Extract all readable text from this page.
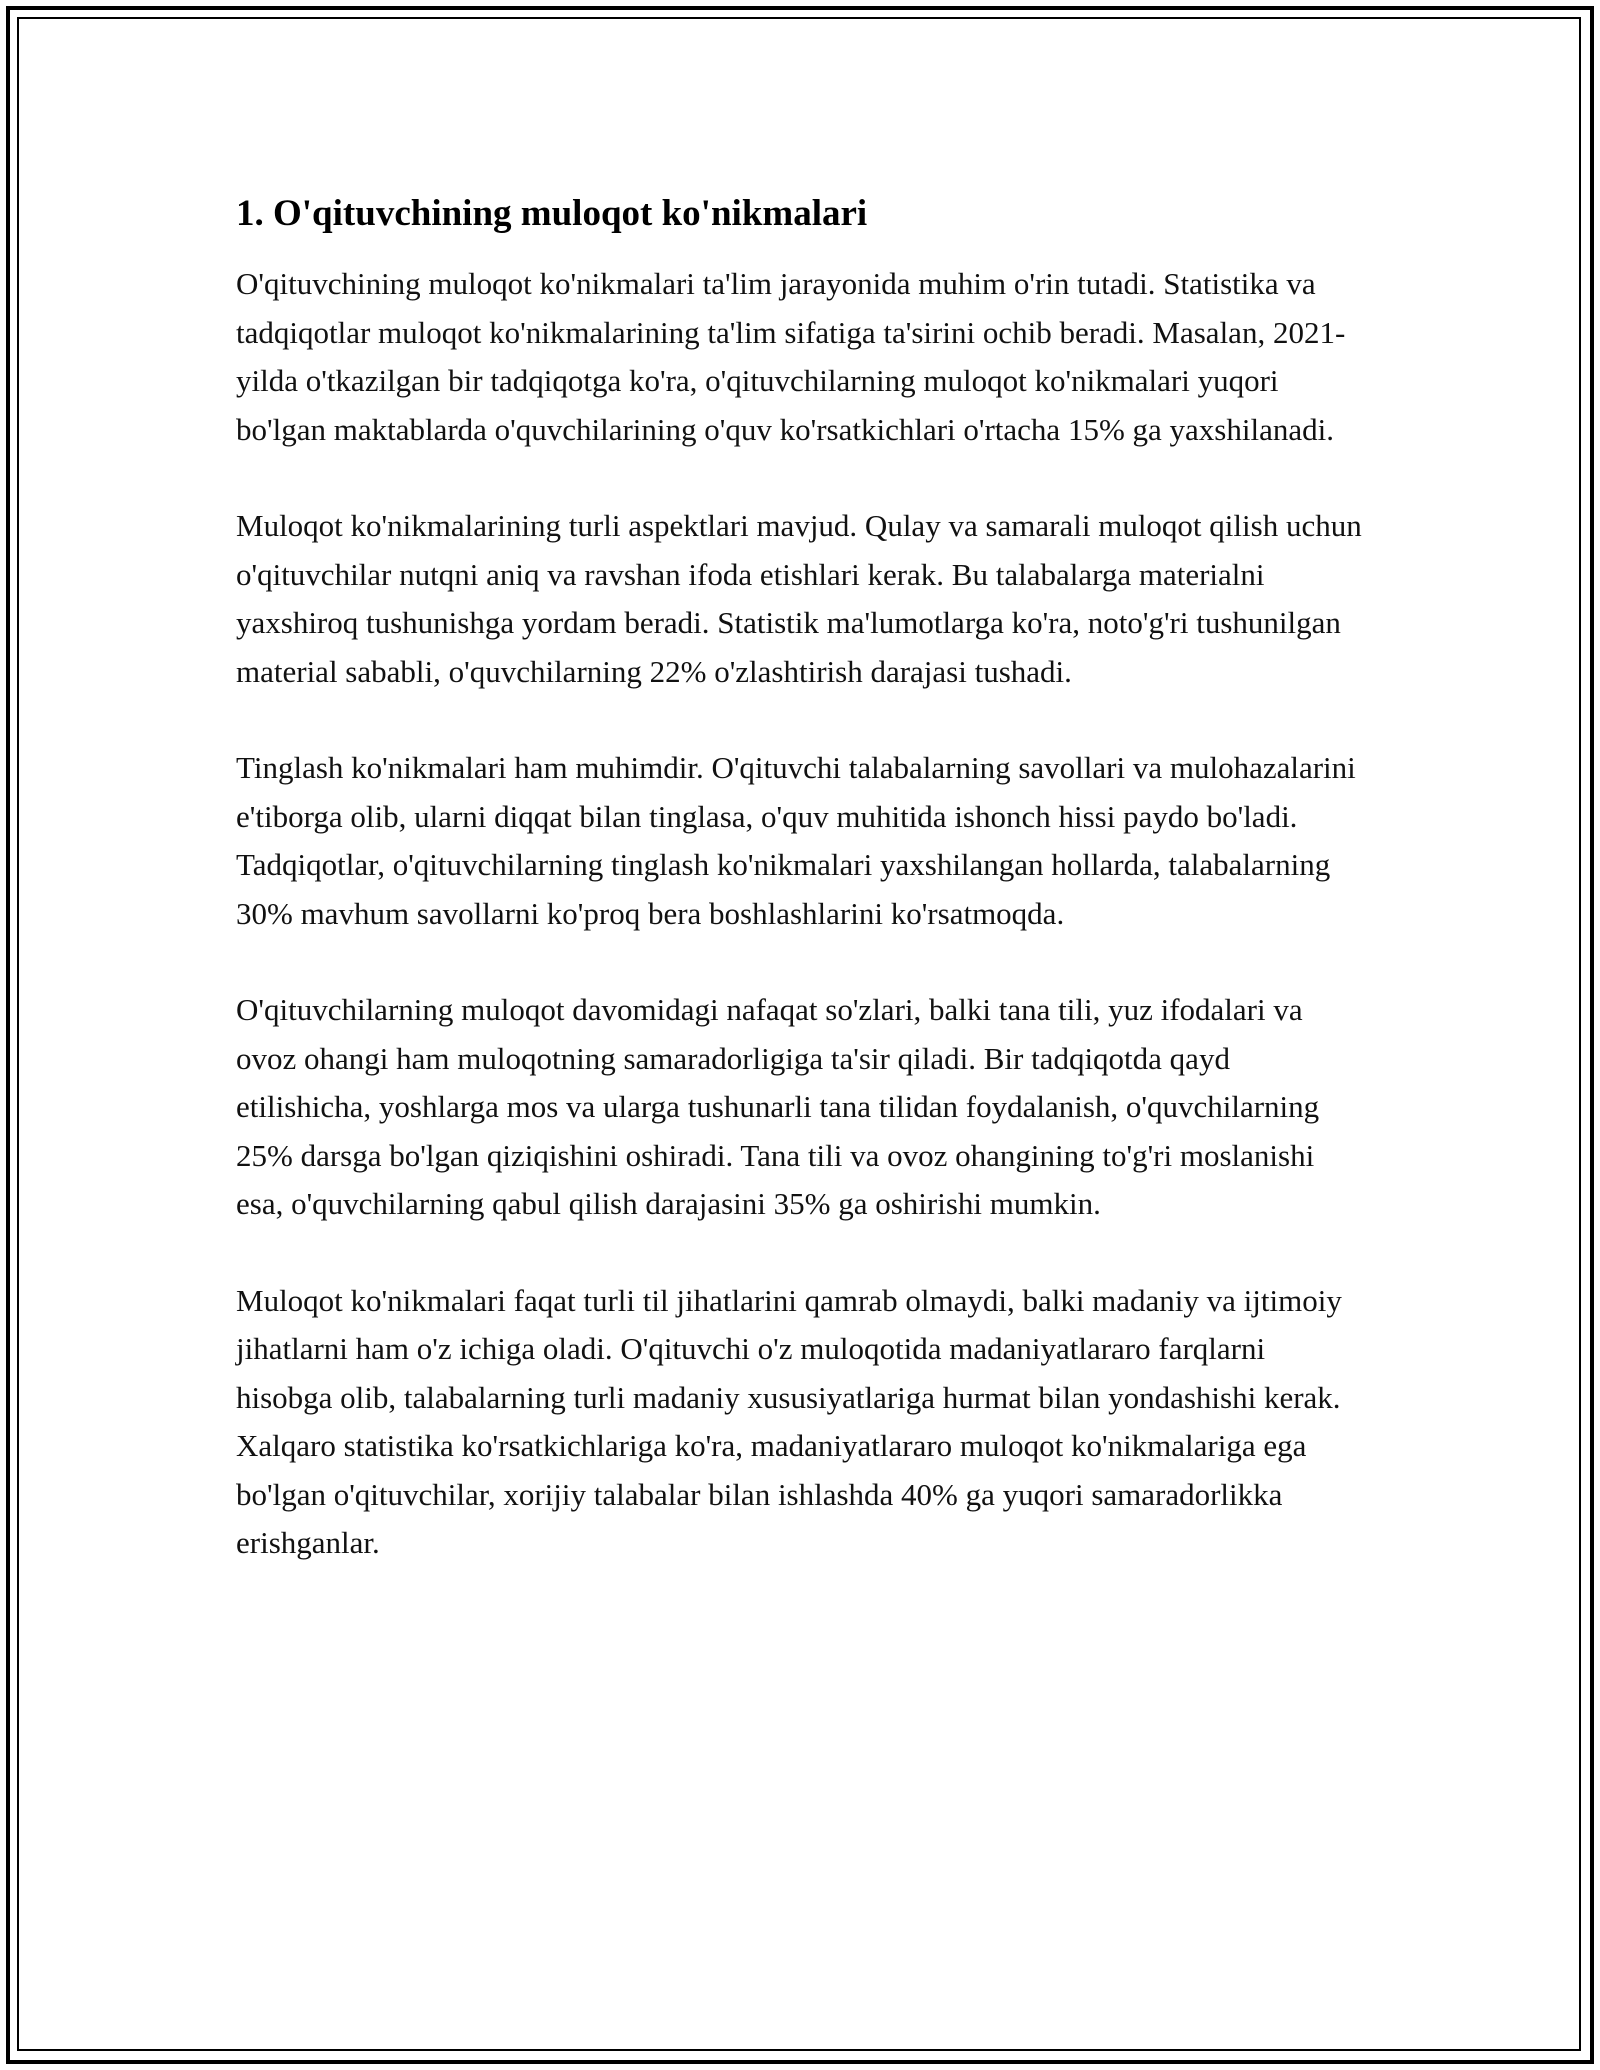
1. O'qituvchining muloqot ko'nikmalari

O'qituvchining muloqot ko'nikmalari ta'lim jarayonida muhim o'rin tutadi. Statistika va tadqiqotlar muloqot ko'nikmalarining ta'lim sifatiga ta'sirini ochib beradi. Masalan, 2021-yilda o'tkazilgan bir tadqiqotga ko'ra, o'qituvchilarning muloqot ko'nikmalari yuqori bo'lgan maktablarda o'quvchilarining o'quv ko'rsatkichlari o'rtacha 15% ga yaxshilanadi.

Muloqot ko'nikmalarining turli aspektlari mavjud. Qulay va samarali muloqot qilish uchun o'qituvchilar nutqni aniq va ravshan ifoda etishlari kerak. Bu talabalarga materialni yaxshiroq tushunishga yordam beradi. Statistik ma'lumotlarga ko'ra, noto'g'ri tushunilgan material sababli, o'quvchilarning 22% o'zlashtirish darajasi tushadi.

Tinglash ko'nikmalari ham muhimdir. O'qituvchi talabalarning savollari va mulohazalarini e'tiborga olib, ularni diqqat bilan tinglasa, o'quv muhitida ishonch hissi paydo bo'ladi. Tadqiqotlar, o'qituvchilarning tinglash ko'nikmalari yaxshilangan hollarda, talabalarning 30% mavhum savollarni ko'proq bera boshlashlarini ko'rsatmoqda.

O'qituvchilarning muloqot davomidagi nafaqat so'zlari, balki tana tili, yuz ifodalari va ovoz ohangi ham muloqotning samaradorligiga ta'sir qiladi. Bir tadqiqotda qayd etilishicha, yoshlarga mos va ularga tushunarli tana tilidan foydalanish, o'quvchilarning 25% darsga bo'lgan qiziqishini oshiradi. Tana tili va ovoz ohangining to'g'ri moslanishi esa, o'quvchilarning qabul qilish darajasini 35% ga oshirishi mumkin.

Muloqot ko'nikmalari faqat turli til jihatlarini qamrab olmaydi, balki madaniy va ijtimoiy jihatlarni ham o'z ichiga oladi. O'qituvchi o'z muloqotida madaniyatlararo farqlarni hisobga olib, talabalarning turli madaniy xususiyatlariga hurmat bilan yondashishi kerak. Xalqaro statistika ko'rsatkichlariga ko'ra, madaniyatlararo muloqot ko'nikmalariga ega bo'lgan o'qituvchilar, xorijiy talabalar bilan ishlashda 40% ga yuqori samaradorlikka erishganlar.
